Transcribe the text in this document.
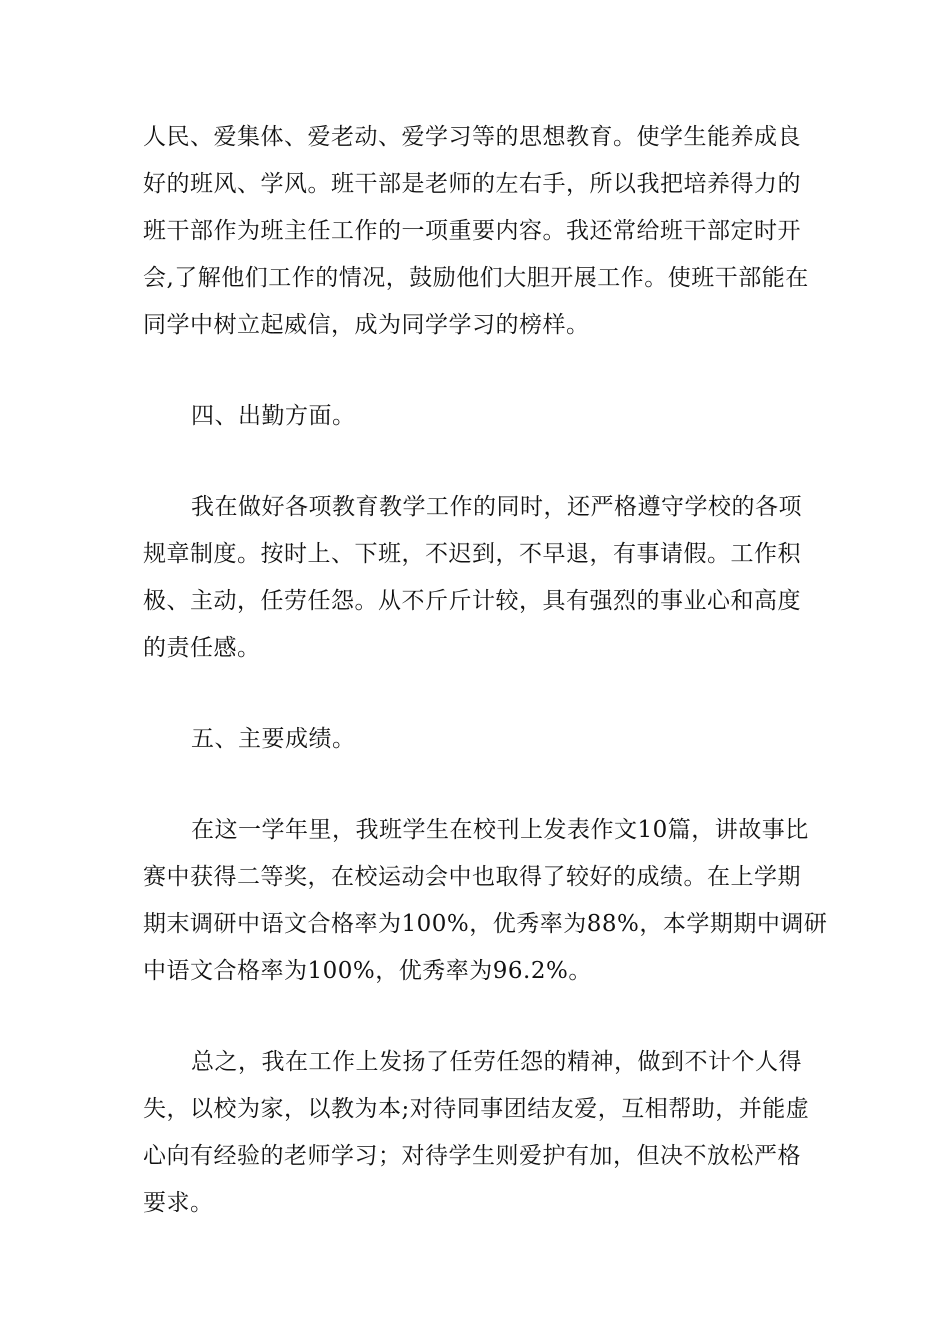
人民、爱集体、爱老动、爱学习等的思想教育。使学生能养成良
好的班风、学风。班干部是老师的左右手，所以我把培养得力的
班干部作为班主任工作的一项重要内容。我还常给班干部定时开
会,了解他们工作的情况，鼓励他们大胆开展工作。使班干部能在
同学中树立起威信，成为同学学习的榜样。

四、出勤方面。

我在做好各项教育教学工作的同时，还严格遵守学校的各项
规章制度。按时上、下班，不迟到，不早退，有事请假。工作积
极、主动，任劳任怨。从不斤斤计较，具有强烈的事业心和高度
的责任感。

五、主要成绩。

在这一学年里，我班学生在校刊上发表作文10篇，讲故事比
赛中获得二等奖，在校运动会中也取得了较好的成绩。在上学期
期末调研中语文合格率为100%，优秀率为88%，本学期期中调研
中语文合格率为100%，优秀率为96.2%。

总之，我在工作上发扬了任劳任怨的精神，做到不计个人得
失，以校为家，以教为本;对待同事团结友爱，互相帮助，并能虚
心向有经验的老师学习；对待学生则爱护有加，但决不放松严格
要求。
